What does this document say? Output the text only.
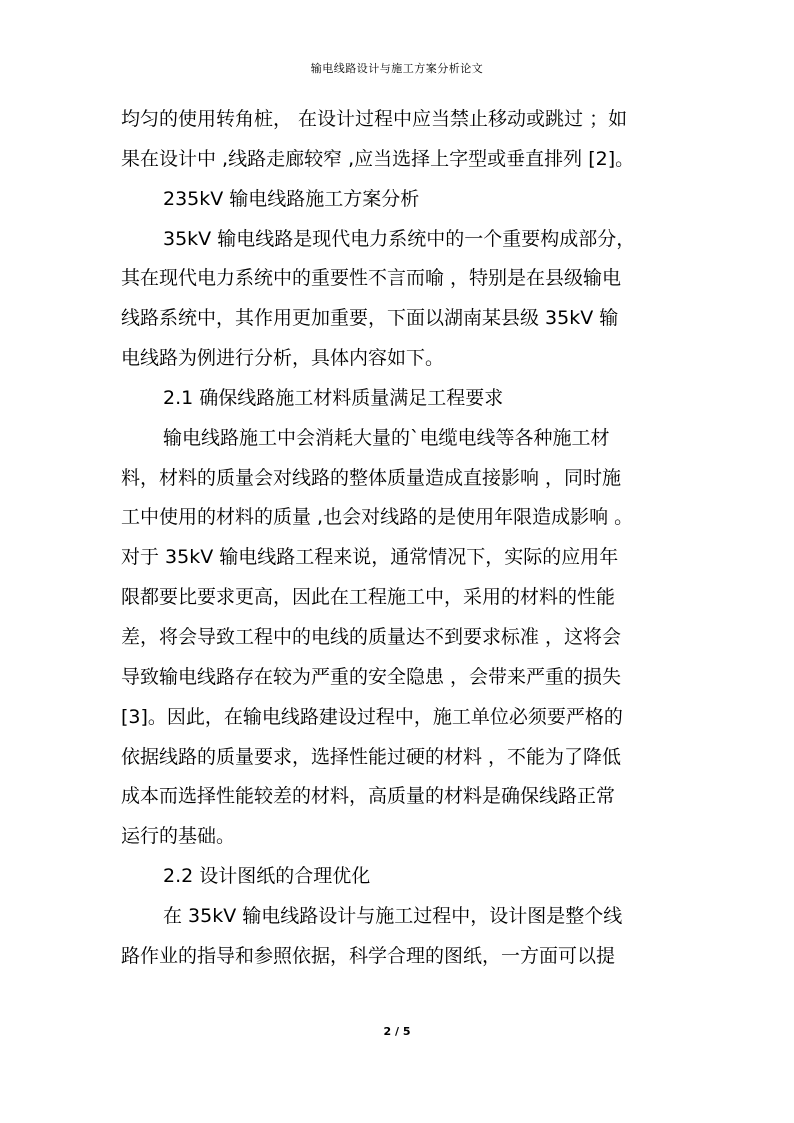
输电线路设计与施工方案分析论文
均匀的使用转角桩， 在设计过程中应当禁止移动或跳过 ；如
果在设计中 ,线路走廊较窄 ,应当选择上字型或垂直排列 [2]。
235kV 输电线路施工方案分析
35kV 输电线路是现代电力系统中的一个重要构成部分，
其在现代电力系统中的重要性不言而喻 ，特别是在县级输电
线路系统中，其作用更加重要，下面以湖南某县级 35kV 输
电线路为例进行分析，具体内容如下。
2.1 确保线路施工材料质量满足工程要求
输电线路施工中会消耗大量的`电缆电线等各种施工材
料，材料的质量会对线路的整体质量造成直接影响 ，同时施
工中使用的材料的质量 ,也会对线路的是使用年限造成影响 。
对于 35kV 输电线路工程来说，通常情况下，实际的应用年
限都要比要求更高，因此在工程施工中，采用的材料的性能
差，将会导致工程中的电线的质量达不到要求标准 ，这将会
导致输电线路存在较为严重的安全隐患 ，会带来严重的损失
[3]。因此，在输电线路建设过程中，施工单位必须要严格的
依据线路的质量要求，选择性能过硬的材料 ，不能为了降低
成本而选择性能较差的材料，高质量的材料是确保线路正常
运行的基础。
2.2 设计图纸的合理优化
在 35kV 输电线路设计与施工过程中，设计图是整个线
路作业的指导和参照依据，科学合理的图纸，一方面可以提
2 / 5
